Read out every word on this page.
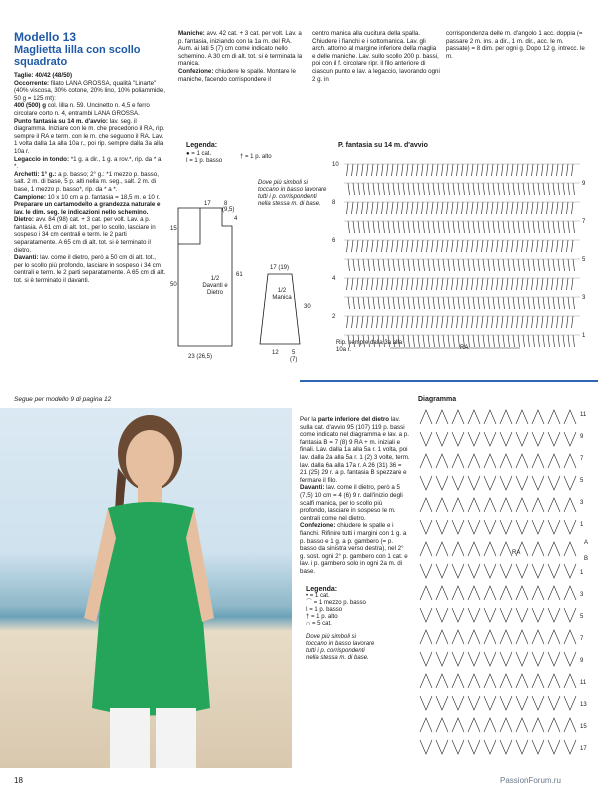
Modello 13
Maglietta lilla con scollo
squadrato

Taglie: 40/42 (48/50)

Occorrente: filato LANA GROSSA, qualità "Linarte" (40% viscosa, 30% cotone, 20% lino, 10% poliammide, 50 g = 125 mt):

400 (500) g col. lilla n. 59. Uncinetto n. 4,5 e ferro circolare corto n. 4, entrambi LANA GROSSA.

Punto fantasia su 14 m. d'avvio: lav. seg. il diagramma. Iniziare con le m. che precedono il RA, rip. sempre il RA e term. con le m. che seguono il RA. Lav. 1 volta dalla 1a alla 10a r., poi rip. sempre dalla 3a alla 10a r.

Legaccio in tondo: *1 g. a dir., 1 g. a rov.*, rip. da * a *.

Archetti: 1° g.: a p. basso; 2° g.: *1 mezzo p. basso, salt. 2 m. di base, 5 p. alti nella m. seg., salt. 2 m. di base, 1 mezzo p. basso*, rip. da * a *.

Campione: 10 x 10 cm a p. fantasia = 18,5 m. e 10 r.

Preparare un cartamodello a grandezza naturale e lav. le dim. seg. le indicazioni nello schemino.

Dietro: avv. 84 (98) cat. + 3 cat. per volt. Lav. a p. fantasia. A 61 cm di alt. tot., per lo scollo, lasciare in sospeso i 34 cm centrali e term. le 2 parti separatamente. A 65 cm di alt. tot. si è terminato il dietro.

Davanti: lav. come il dietro, però a 50 cm di alt. tot., per lo scollo più profondo, lasciare in sospeso i 34 cm centrali e term. le 2 parti separatamente. A 65 cm di alt. tot. si è terminato il davanti.

Maniche: avv. 42 cat. + 3 cat. per volt. Lav. a p. fantasia, iniziando con la 1a m. del RA. Aum. ai lati 5 (7) cm come indicato nello schemino. A 30 cm di alt. tot. si è terminata la manica.

Confezione: chiudere le spalle. Montare le maniche, facendo corrispondere il

centro manica alla cucitura della spalla. Chiudere i fianchi e i sottomanica. Lav. gli arch. attorno al margine inferiore della maglia e delle maniche. Lav. sullo scollo 200 p. bassi, poi con il f. circolare ripr. il filo anteriore di ciascun punto e lav. a legaccio, lavorando ogni 2 g. in

corrispondenza delle m. d'angolo 1 acc. doppia (= passare 2 m. ins. a dir., 1 m. dir., acc. le m. passate) = 8 dim. per ogni g. Dopo 12 g. intrecc. le m.

Legenda:
● = 1 cat.
ǀ = 1 p. basso
† = 1 p. alto
Dove più simboli si toccano in basso lavorare tutti i p. corrispondenti nella stessa m. di base.
17 8
(9,5)
4
15
61
50
23 (26,5)
17 (19)
30
12 5
(7)
1/2 Davanti e Dietro	1/2 Manica
P. fantasia su 14 m. d'avvio
10
8
6
4
2
9
7
5
3
1
Rip. sempre dalla 3a alla 10a r.	RA
Segue per modello 9 di pagina 12

Per la parte inferiore del dietro lav. sulla cat. d'avvio 95 (107) 119 p. bassi come indicato nel diagramma e lav. a p. fantasia B = 7 (8) 9 RA + m. iniziali e finali. Lav. dalla 1a alla 5a r. 1 volta, poi lav. dalla 2a alla 5a r. 1 (2) 3 volte, term. lav. dalla 6a alla 17a r. A 26 (31) 36 = 21 (25) 29 r. a p. fantasia B spezzare e fermare il filo.

Davanti: lav. come il dietro, però a 5 (7,5) 10 cm = 4 (6) 9 r. dall'inizio degli scalfi manica, per lo scollo più profondo, lasciare in sospeso le m. centrali come nel dietro.

Confezione: chiudere le spalle e i fianchi. Rifinire tutti i margini con 1 g. a p. basso e 1 g. a p. gambero (= p. basso da sinistra verso destra), nel 2° g. sost. ogni 2° p. gambero con 1 cat. e lav. i p. gambero solo in ogni 2a m. di base.

Legenda:
• = 1 cat.
⌒ = 1 mezzo p. basso
ǀ = 1 p. basso
† = 1 p. alto
∩ = 5 cat.
Dove più simboli si toccano in basso lavorare tutti i p. corrispondenti nella stessa m. di base.
Diagramma
11
9
7
5
3
1
1
3
5
7
9
11
13
15
17
RA
A
B
18	PassionForum.ru
